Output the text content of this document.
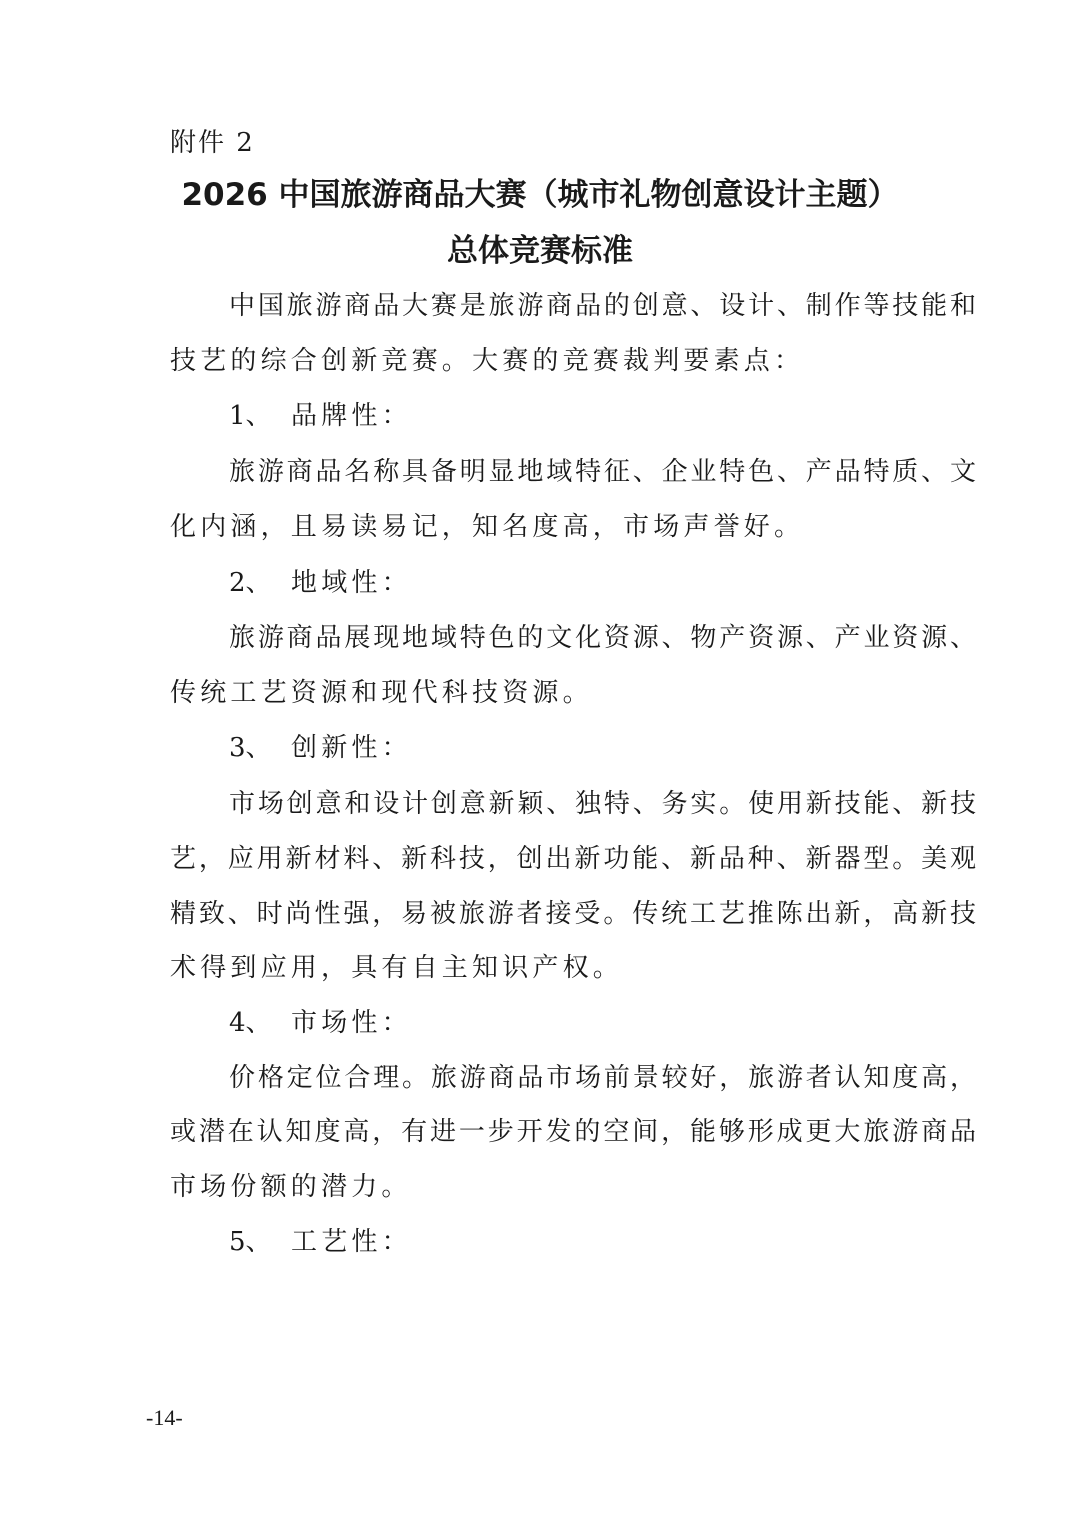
附件 2
2026 中国旅游商品大赛（城市礼物创意设计主题）
总体竞赛标准
中国旅游商品大赛是旅游商品的创意、设计、制作等技能和
技艺的综合创新竞赛。大赛的竞赛裁判要素点：
1、 品牌性：
旅游商品名称具备明显地域特征、企业特色、产品特质、文
化内涵，且易读易记，知名度高，市场声誉好。
2、 地域性：
旅游商品展现地域特色的文化资源、物产资源、产业资源、
传统工艺资源和现代科技资源。
3、 创新性：
市场创意和设计创意新颖、独特、务实。使用新技能、新技
艺，应用新材料、新科技，创出新功能、新品种、新器型。美观
精致、时尚性强，易被旅游者接受。传统工艺推陈出新，高新技
术得到应用，具有自主知识产权。
4、 市场性：
价格定位合理。旅游商品市场前景较好，旅游者认知度高，
或潜在认知度高，有进一步开发的空间，能够形成更大旅游商品
市场份额的潜力。
5、 工艺性：
-14-
